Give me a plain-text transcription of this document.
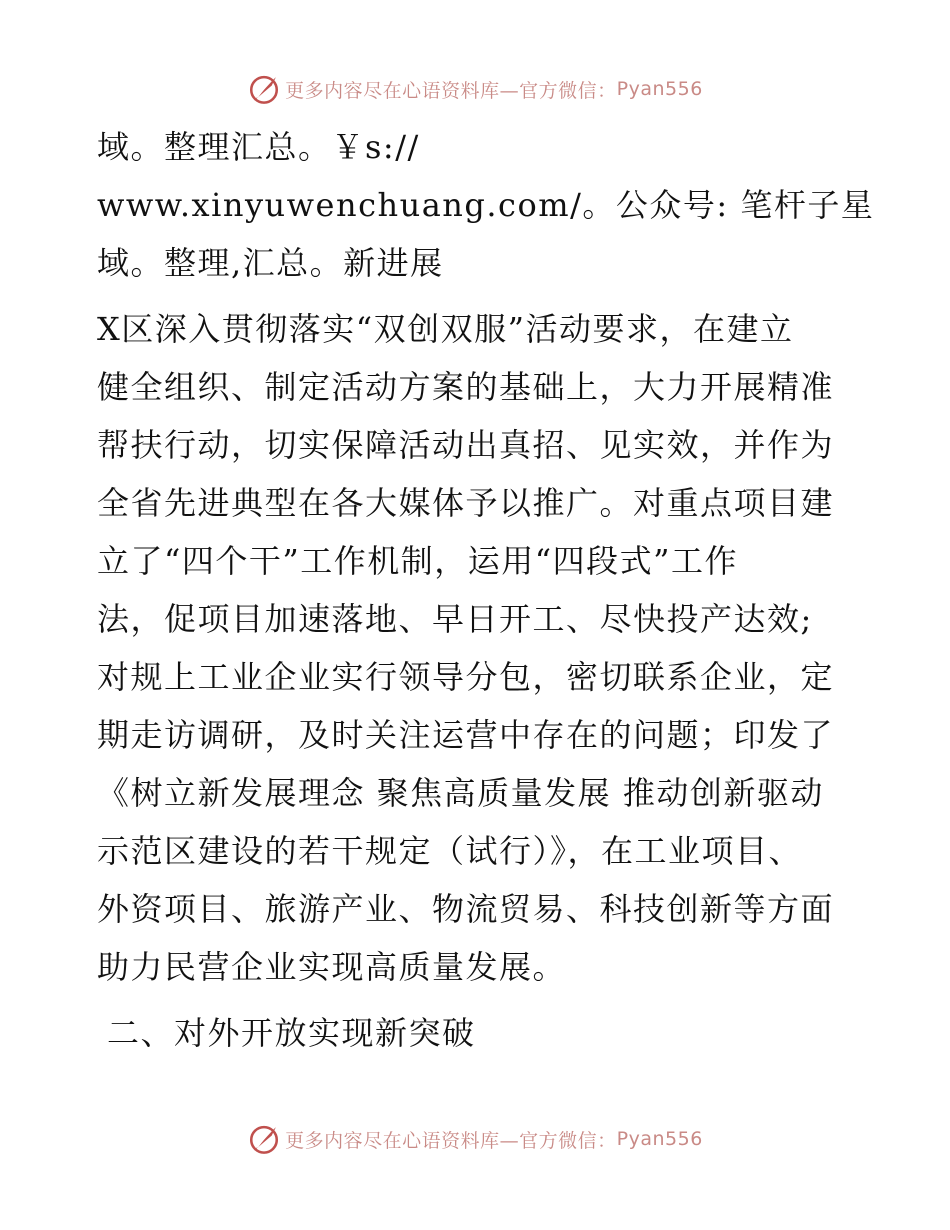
更多内容尽在心语资料库—官方微信： Pyan556
域。整理汇总。￥s://
www.xinyuwenchuang.com/。公众号: 笔杆子星
域。整理,汇总。新进展
X区深入贯彻落实“双创双服”活动要求，在建立
健全组织、制定活动方案的基础上，大力开展精准
帮扶行动，切实保障活动出真招、见实效，并作为
全省先进典型在各大媒体予以推广。对重点项目建
立了“四个干”工作机制，运用“四段式”工作
法，促项目加速落地、早日开工、尽快投产达效;
对规上工业企业实行领导分包，密切联系企业，定
期走访调研，及时关注运营中存在的问题；印发了
《树立新发展理念 聚焦高质量发展 推动创新驱动
示范区建设的若干规定（试行）》，在工业项目、
外资项目、旅游产业、物流贸易、科技创新等方面
助力民营企业实现高质量发展。
二、对外开放实现新突破
更多内容尽在心语资料库—官方微信： Pyan556
